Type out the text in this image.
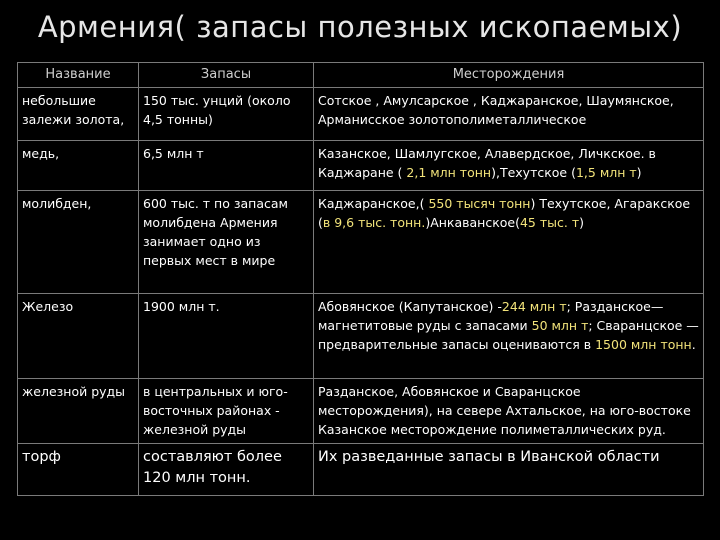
Армения( запасы полезных ископаемых)
Название	Запасы	Месторождения
небольшие залежи золота,	150 тыс. унций (около 4,5 тонны)	Сотское , Амулсарское , Каджаранское, Шаумянское, Арманисское золотополиметаллическое
медь,	6,5 млн т	Казанское, Шамлугское, Алавердское, Личкское. в Каджаране ( 2,1 млн тонн),Техутское (1,5 млн т)
молибден,	600 тыс. т по запасам молибдена Армения занимает одно из первых мест в мире	Каджаранское,( 550 тысяч тонн) Техутское, Агаракское (в 9,6 тыс. тонн.)Анкаванское(45 тыс. т)
Железо	1900 млн т.	Абовянское (Капутанское) -244 млн т; Разданское— магнетитовые руды с запасами 50 млн т; Сваранцское — предварительные запасы оцениваются в 1500 млн тонн.
железной руды	в центральных и юго-восточных районах - железной руды	Разданское, Абовянское и Сваранцское месторождения), на севере Ахтальское, на юго-востоке Казанское месторождение полиметаллических руд.
торф	составляют более 120 млн тонн.	Их разведанные запасы в Иванской области
